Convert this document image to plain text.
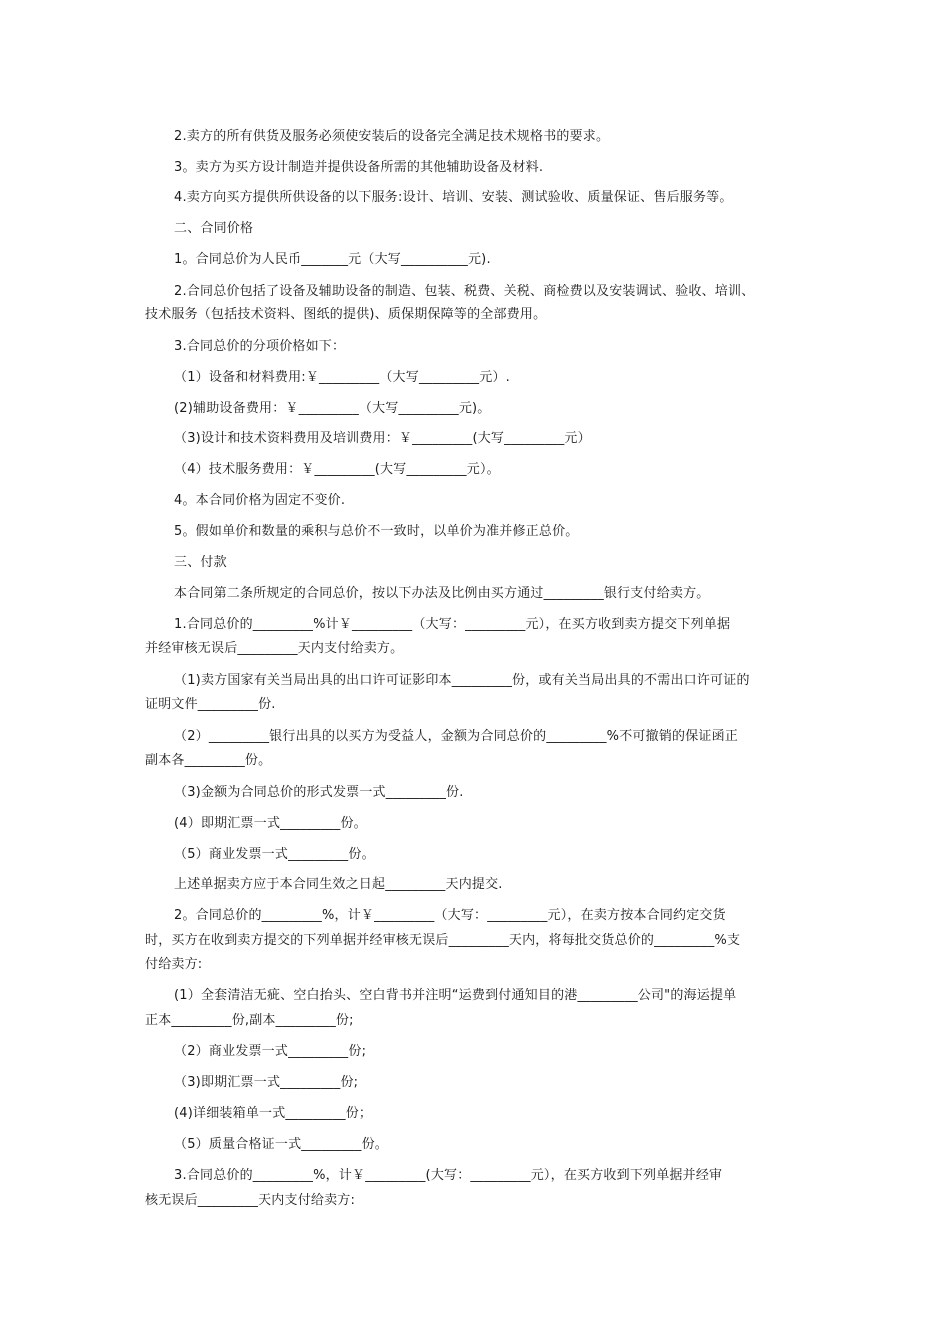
2.卖方的所有供货及服务必须使安装后的设备完全满足技术规格书的要求。
3。卖方为买方设计制造并提供设备所需的其他辅助设备及材料.
4.卖方向买方提供所供设备的以下服务:设计、培训、安装、测试验收、质量保证、售后服务等。
二、合同价格
1。合同总价为人民币_______元（大写__________元).
2.合同总价包括了设备及辅助设备的制造、包装、税费、关税、商检费以及安装调试、验收、培训、
技术服务（包括技术资料、图纸的提供)、质保期保障等的全部费用。
3.合同总价的分项价格如下：
（1）设备和材料费用:￥_________（大写_________元）.
(2)辅助设备费用：￥_________（大写_________元)。
（3)设计和技术资料费用及培训费用：￥_________(大写_________元）
（4）技术服务费用：￥_________(大写_________元）。
4。本合同价格为固定不变价.
5。假如单价和数量的乘积与总价不一致时，以单价为准并修正总价。
三、付款
本合同第二条所规定的合同总价，按以下办法及比例由买方通过_________银行支付给卖方。
1.合同总价的_________%计￥_________（大写：_________元），在买方收到卖方提交下列单据
并经审核无误后_________天内支付给卖方。
（1)卖方国家有关当局出具的出口许可证影印本_________份，或有关当局出具的不需出口许可证的
证明文件_________份.
（2）_________银行出具的以买方为受益人，金额为合同总价的_________%不可撤销的保证函正
副本各_________份。
（3)金额为合同总价的形式发票一式_________份.
(4）即期汇票一式_________份。
（5）商业发票一式_________份。
上述单据卖方应于本合同生效之日起_________天内提交.
2。合同总价的_________%，计￥_________（大写：_________元），在卖方按本合同约定交货
时，买方在收到卖方提交的下列单据并经审核无误后_________天内，将每批交货总价的_________%支
付给卖方:
(1）全套清洁无疵、空白抬头、空白背书并注明“运费到付通知目的港_________公司"的海运提单
正本_________份,副本_________份;
（2）商业发票一式_________份;
（3)即期汇票一式_________份;
(4)详细装箱单一式_________份；
（5）质量合格证一式_________份。
3.合同总价的_________%，计￥_________(大写：_________元），在买方收到下列单据并经审
核无误后_________天内支付给卖方:
